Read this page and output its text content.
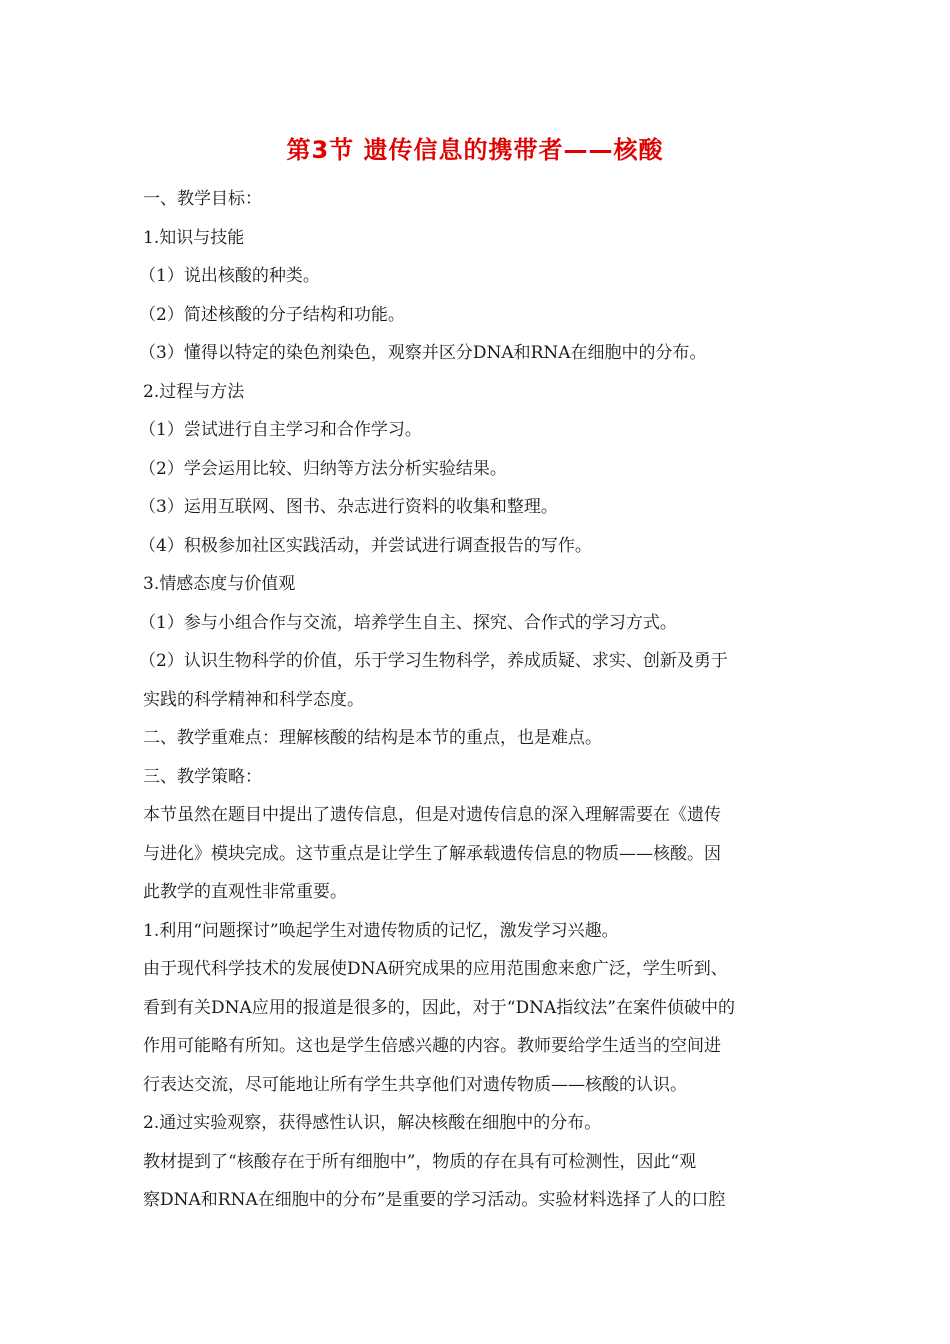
第3节 遗传信息的携带者——核酸

一、教学目标：

1.知识与技能

（1）说出核酸的种类。

（2）简述核酸的分子结构和功能。

（3）懂得以特定的染色剂染色，观察并区分DNA和RNA在细胞中的分布。

2.过程与方法

（1）尝试进行自主学习和合作学习。

（2）学会运用比较、归纳等方法分析实验结果。

（3）运用互联网、图书、杂志进行资料的收集和整理。

（4）积极参加社区实践活动，并尝试进行调查报告的写作。

3.情感态度与价值观

（1）参与小组合作与交流，培养学生自主、探究、合作式的学习方式。

（2）认识生物科学的价值，乐于学习生物科学，养成质疑、求实、创新及勇于

实践的科学精神和科学态度。

二、教学重难点：理解核酸的结构是本节的重点，也是难点。

三、教学策略：

本节虽然在题目中提出了遗传信息，但是对遗传信息的深入理解需要在《遗传

与进化》模块完成。这节重点是让学生了解承载遗传信息的物质——核酸。因

此教学的直观性非常重要。

1.利用“问题探讨”唤起学生对遗传物质的记忆，激发学习兴趣。

由于现代科学技术的发展使DNA研究成果的应用范围愈来愈广泛，学生听到、

看到有关DNA应用的报道是很多的，因此，对于“DNA指纹法”在案件侦破中的

作用可能略有所知。这也是学生倍感兴趣的内容。教师要给学生适当的空间进

行表达交流，尽可能地让所有学生共享他们对遗传物质——核酸的认识。

2.通过实验观察，获得感性认识，解决核酸在细胞中的分布。

教材提到了“核酸存在于所有细胞中”，物质的存在具有可检测性，因此“观

察DNA和RNA在细胞中的分布”是重要的学习活动。实验材料选择了人的口腔
